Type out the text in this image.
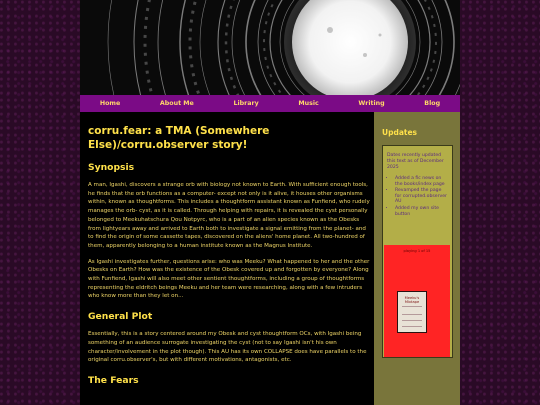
Home	About Me	Library	Music	Writing	Blog
corru.fear: a TMA (Somewhere Else)/corru.observer story!
Synopsis

A man, Igashi, discovers a strange orb with biology not known to Earth. With sufficient enough tools, he finds that the orb functions as a computer- except not only is it alive, it houses other organisms within, known as thoughtforms. This includes a thoughtform assistant known as Funfiend, who rudely manages the orb- cyst, as it is called. Through helping with repairs, it is revealed the cyst personally belonged to Meekuhatschura Qou Notpyrc, who is a part of an alien species known as the Obesks from lightyears away and arrived to Earth both to investigate a signal emitting from the planet- and to find the origin of some cassette tapes, discovered on the aliens' home planet. All two-hundred of them, apparently belonging to a human institute known as the Magnus Institute.

As Igashi investigates further, questions arise: who was Meeku? What happened to her and the other Obesks on Earth? How was the existence of the Obesk covered up and forgotten by everyone? Along with Funfiend, Igashi will also meet other sentient thoughtforms, including a group of thoughtforms representing the eldritch beings Meeku and her team were researching, along with a few intruders who know more than they let on...

General Plot

Essentially, this is a story centered around my Obesk and cyst thoughtform OCs, with Igashi being something of an audience surrogate investigating the cyst (not to say Igashi isn't his own character/involvement in the plot though). This AU has its own COLLAPSE does have parallels to the original corru.observer's, but with different motivations, antagonists, etc.

The Fears
Updates

Dates recently updated this text as of December 2025

• Added a fic news on the books/index page
• Revamped the page for corrupted.observer AU
• Added my own site button
playing 1 of 15
Meeku's Mixtape
